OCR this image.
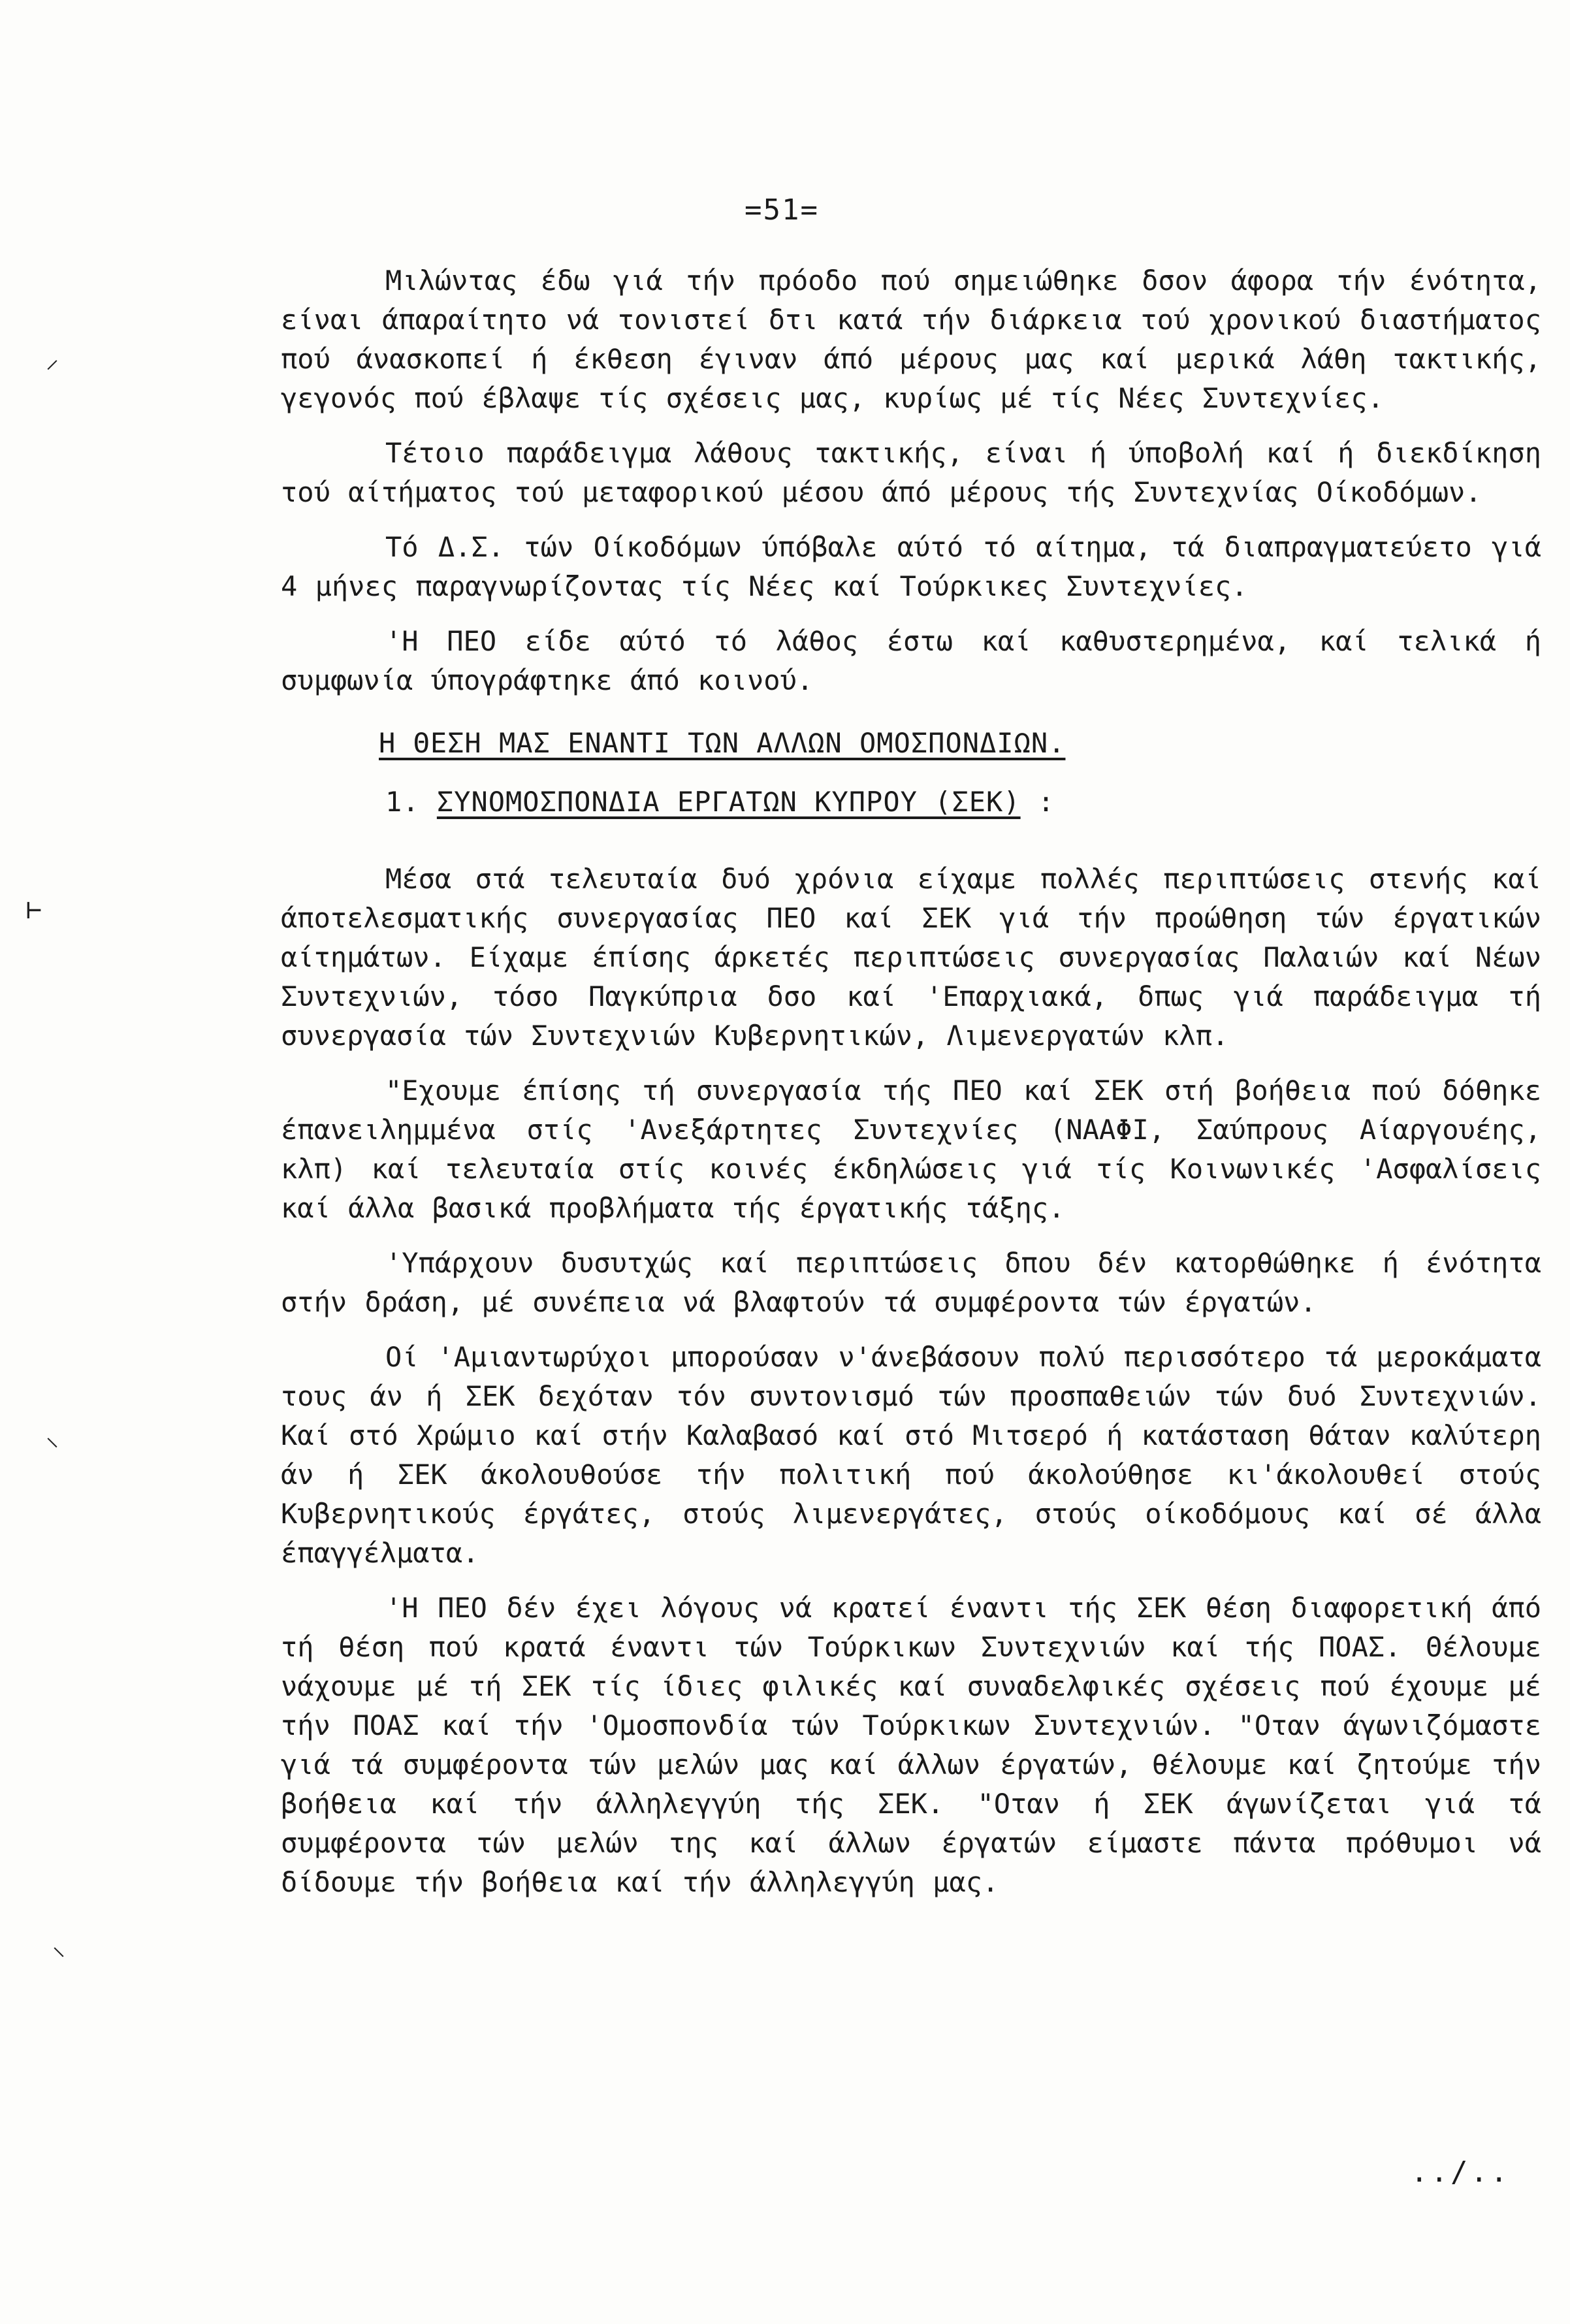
⸝
⊢
⸜
⸜

=51=

Μιλώντας έδω γιά τήν πρόοδο πού σημειώθηκε δσον άφορα τήν ένότητα, είναι άπαραίτητο νά τονιστεί δτι κατά τήν διάρκεια τού χρονικού διαστήματος πού άνασκοπεί ή έκθεση έγιναν άπό μέρους μας καί μερικά λάθη τακτικής, γεγονός πού έβλαψε τίς σχέσεις μας, κυρίως μέ τίς Νέες Συντεχνίες.

Τέτοιο παράδειγμα λάθους τακτικής, είναι ή ύποβολή καί ή διεκδίκηση τού αίτήματος τού μεταφορικού μέσου άπό μέρους τής Συντεχνίας Οίκοδόμων.

Τό Δ.Σ. τών Οίκοδόμων ύπόβαλε αύτό τό αίτημα, τά διαπραγματεύετο γιά 4 μήνες παραγνωρίζοντας τίς Νέες καί Τούρκικες Συντεχνίες.

'Η ΠΕΟ είδε αύτό τό λάθος έστω καί καθυστερημένα, καί τελικά ή συμφωνία ύπογράφτηκε άπό κοινού.

Η ΘΕΣΗ ΜΑΣ ΕΝΑΝΤΙ ΤΩΝ ΑΛΛΩΝ ΟΜΟΣΠΟΝΔΙΩΝ.

1. ΣΥΝΟΜΟΣΠΟΝΔΙΑ ΕΡΓΑΤΩΝ ΚΥΠΡΟΥ (ΣΕΚ) :

Μέσα στά τελευταία δυό χρόνια είχαμε πολλές περιπτώσεις στενής καί άποτελεσματικής συνεργασίας ΠΕΟ καί ΣΕΚ γιά τήν προώθηση τών έργατικών αίτημάτων. Είχαμε έπίσης άρκετές περιπτώσεις συνεργασίας Παλαιών καί Νέων Συντεχνιών, τόσο Παγκύπρια δσο καί 'Επαρχιακά, δπως γιά παράδειγμα τή συνεργασία τών Συντεχνιών Κυβερνητικών, Λιμενεργατών κλπ.

"Εχουμε έπίσης τή συνεργασία τής ΠΕΟ καί ΣΕΚ στή βοήθεια πού δόθηκε έπανειλημμένα στίς 'Ανεξάρτητες Συντεχνίες (ΝΑΑΦΙ, Σαύπρους Αίαργουέης, κλπ) καί τελευταία στίς κοινές έκδηλώσεις γιά τίς Κοινωνικές 'Ασφαλίσεις καί άλλα βασικά προβλήματα τής έργατικής τάξης.

'Υπάρχουν δυσυτχώς καί περιπτώσεις δπου δέν κατορθώθηκε ή ένότητα στήν δράση, μέ συνέπεια νά βλαφτούν τά συμφέροντα τών έργατών.

Οί 'Αμιαντωρύχοι μπορούσαν ν'άνεβάσουν πολύ περισσότερο τά μεροκάματα τους άν ή ΣΕΚ δεχόταν τόν συντονισμό τών προσπαθειών τών δυό Συντεχνιών. Καί στό Χρώμιο καί στήν Καλαβασό καί στό Μιτσερό ή κατάσταση θάταν καλύτερη άν ή ΣΕΚ άκολουθούσε τήν πολιτική πού άκολούθησε κι'άκολουθεί στούς Κυβερνητικούς έργάτες, στούς λιμενεργάτες, στούς οίκοδόμους καί σέ άλλα έπαγγέλματα.

'Η ΠΕΟ δέν έχει λόγους νά κρατεί έναντι τής ΣΕΚ θέση διαφορετική άπό τή θέση πού κρατά έναντι τών Τούρκικων Συντεχνιών καί τής ΠΟΑΣ. Θέλουμε νάχουμε μέ τή ΣΕΚ τίς ίδιες φιλικές καί συναδελφικές σχέσεις πού έχουμε μέ τήν ΠΟΑΣ καί τήν 'Ομοσπονδία τών Τούρκικων Συντεχνιών. "Οταν άγωνιζόμαστε γιά τά συμφέροντα τών μελών μας καί άλλων έργατών, θέλουμε καί ζητούμε τήν βοήθεια καί τήν άλληλεγγύη τής ΣΕΚ. "Οταν ή ΣΕΚ άγωνίζεται γιά τά συμφέροντα τών μελών της καί άλλων έργατών είμαστε πάντα πρόθυμοι νά δίδουμε τήν βοήθεια καί τήν άλληλεγγύη μας.

../..
